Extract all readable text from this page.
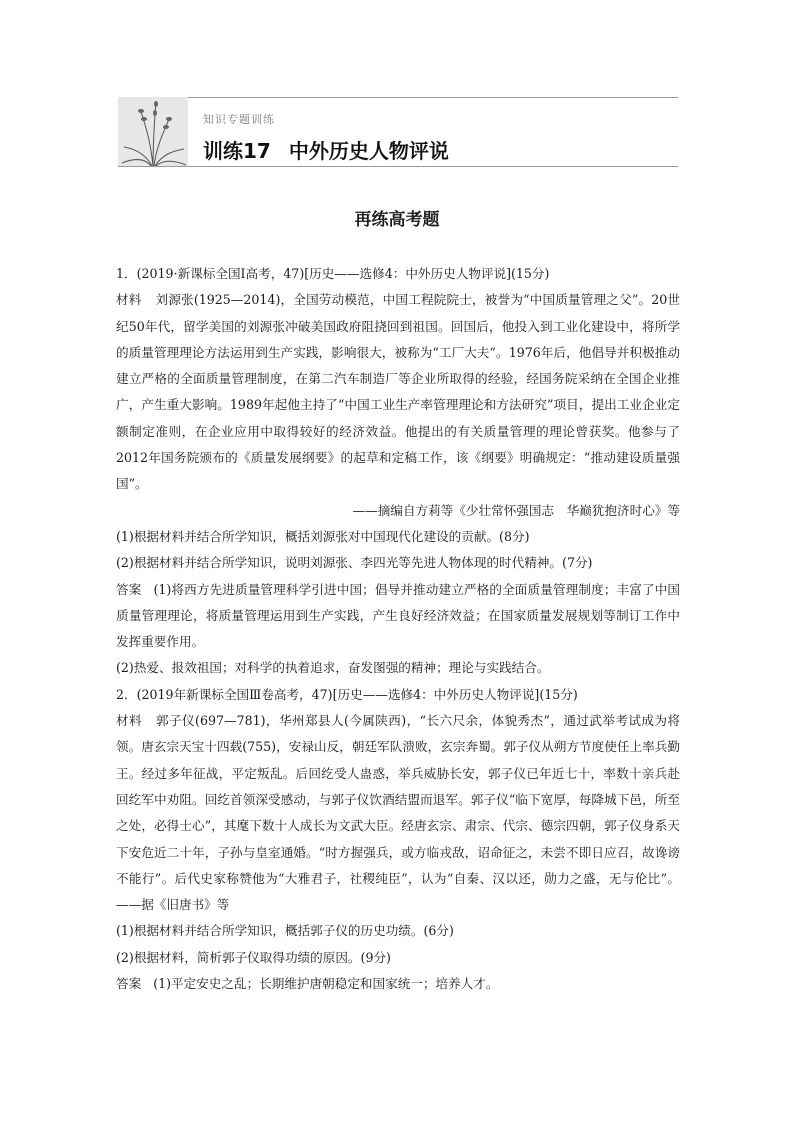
知识专题训练
训练17 中外历史人物评说
再练高考题

1．(2019·新课标全国Ⅰ高考，47)[历史——选修4：中外历史人物评说](15分)

材料 刘源张(1925—2014)，全国劳动模范，中国工程院院士，被誉为“中国质量管理之父”。20世纪50年代，留学美国的刘源张冲破美国政府阻挠回到祖国。回国后，他投入到工业化建设中，将所学的质量管理理论方法运用到生产实践，影响很大，被称为“工厂大夫”。1976年后，他倡导并积极推动建立严格的全面质量管理制度，在第二汽车制造厂等企业所取得的经验，经国务院采纳在全国企业推广，产生重大影响。1989年起他主持了“中国工业生产率管理理论和方法研究”项目，提出工业企业定额制定准则，在企业应用中取得较好的经济效益。他提出的有关质量管理的理论曾获奖。他参与了2012年国务院颁布的《质量发展纲要》的起草和定稿工作，该《纲要》明确规定：“推动建设质量强国”。

——摘编自方莉等《少壮常怀强国志　华巅犹抱济时心》等

(1)根据材料并结合所学知识，概括刘源张对中国现代化建设的贡献。(8分)

(2)根据材料并结合所学知识，说明刘源张、李四光等先进人物体现的时代精神。(7分)

答案 (1)将西方先进质量管理科学引进中国；倡导并推动建立严格的全面质量管理制度；丰富了中国质量管理理论，将质量管理运用到生产实践，产生良好经济效益；在国家质量发展规划等制订工作中发挥重要作用。

(2)热爱、报效祖国；对科学的执着追求，奋发图强的精神；理论与实践结合。

2．(2019年新课标全国Ⅲ卷高考，47)[历史——选修4：中外历史人物评说](15分)

材料 郭子仪(697—781)，华州郑县人(今属陕西)，“长六尺余，体貌秀杰”，通过武举考试成为将领。唐玄宗天宝十四载(755)，安禄山反，朝廷军队溃败，玄宗奔蜀。郭子仪从朔方节度使任上率兵勤王。经过多年征战，平定叛乱。后回纥受人蛊惑，举兵威胁长安，郭子仪已年近七十，率数十亲兵赴回纥军中劝阻。回纥首领深受感动，与郭子仪饮酒结盟而退军。郭子仪“临下宽厚，每降城下邑，所至之处，必得士心”，其麾下数十人成长为文武大臣。经唐玄宗、肃宗、代宗、德宗四朝，郭子仪身系天下安危近二十年，子孙与皇室通婚。“时方握强兵，或方临戎敌，诏命征之，未尝不即日应召，故谗谤不能行”。后代史家称赞他为“大雅君子，社稷纯臣”，认为“自秦、汉以还，勋力之盛，无与伦比”。——据《旧唐书》等

(1)根据材料并结合所学知识，概括郭子仪的历史功绩。(6分)

(2)根据材料，简析郭子仪取得功绩的原因。(9分)

答案 (1)平定安史之乱；长期维护唐朝稳定和国家统一；培养人才。
